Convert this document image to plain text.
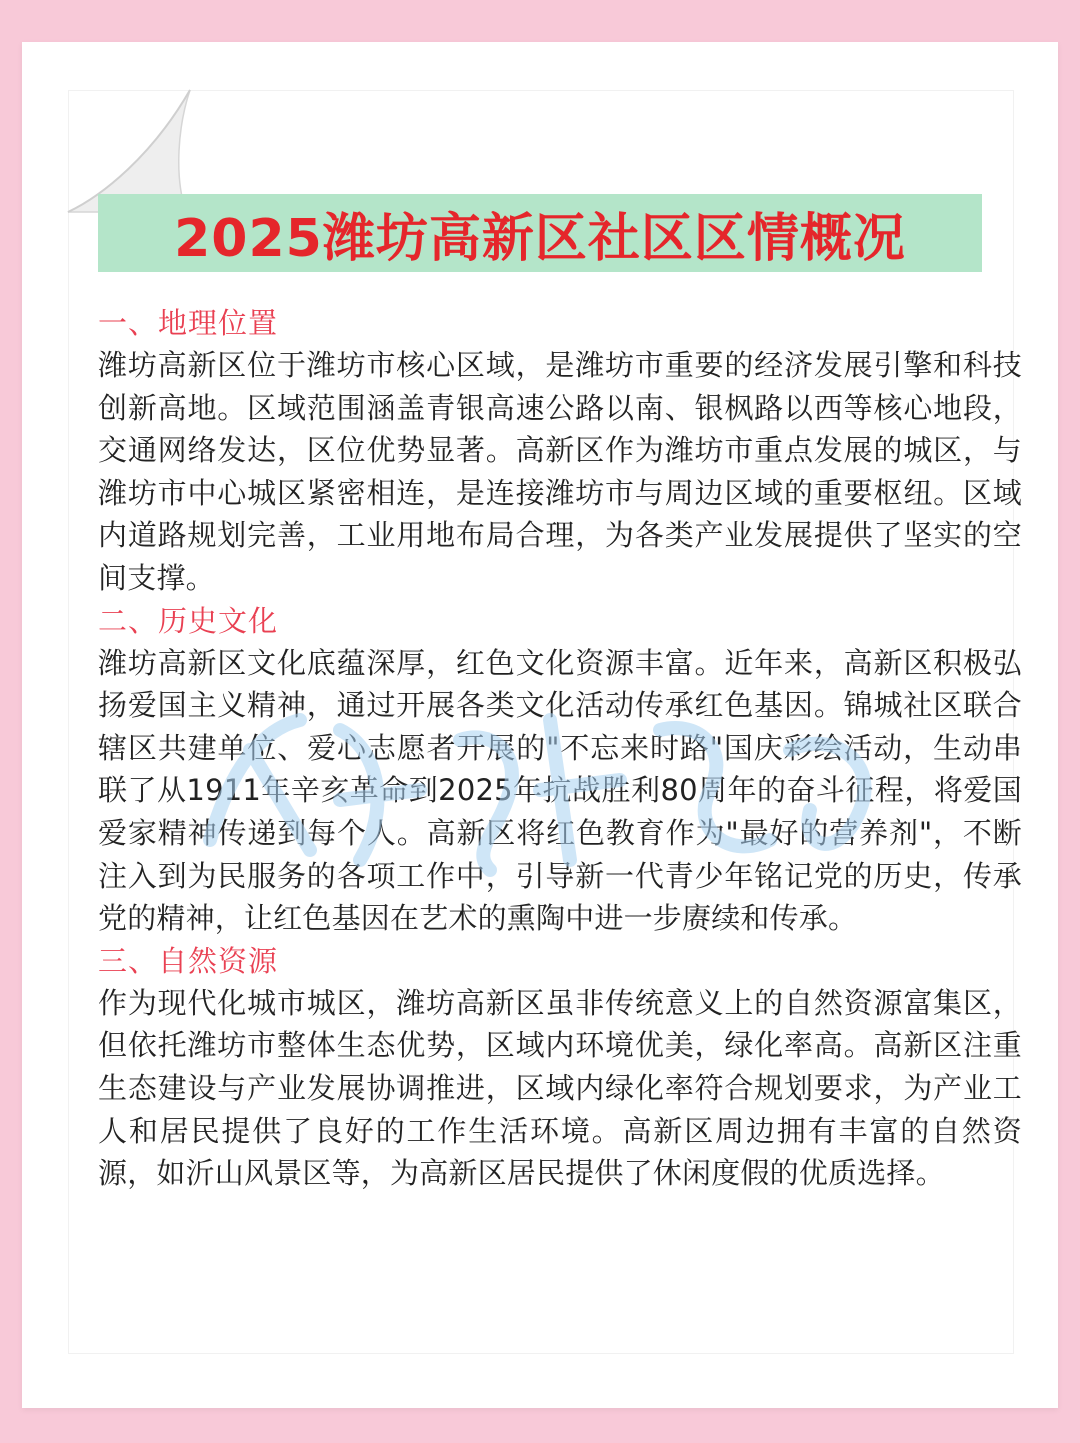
2025潍坊高新区社区区情概况
一、地理位置

潍坊高新区位于潍坊市核心区域，是潍坊市重要的经济发展引擎和科技创新高地。区域范围涵盖青银高速公路以南、银枫路以西等核心地段，交通网络发达，区位优势显著。高新区作为潍坊市重点发展的城区，与潍坊市中心城区紧密相连，是连接潍坊市与周边区域的重要枢纽。区域内道路规划完善，工业用地布局合理，为各类产业发展提供了坚实的空间支撑。

二、历史文化

潍坊高新区文化底蕴深厚，红色文化资源丰富。近年来，高新区积极弘扬爱国主义精神，通过开展各类文化活动传承红色基因。锦城社区联合辖区共建单位、爱心志愿者开展的"不忘来时路"国庆彩绘活动，生动串联了从1911年辛亥革命到2025年抗战胜利80周年的奋斗征程，将爱国爱家精神传递到每个人。高新区将红色教育作为"最好的营养剂"，不断注入到为民服务的各项工作中，引导新一代青少年铭记党的历史，传承党的精神，让红色基因在艺术的熏陶中进一步赓续和传承。

三、自然资源

作为现代化城市城区，潍坊高新区虽非传统意义上的自然资源富集区，但依托潍坊市整体生态优势，区域内环境优美，绿化率高。高新区注重生态建设与产业发展协调推进，区域内绿化率符合规划要求，为产业工人和居民提供了良好的工作生活环境。高新区周边拥有丰富的自然资源，如沂山风景区等，为高新区居民提供了休闲度假的优质选择。
